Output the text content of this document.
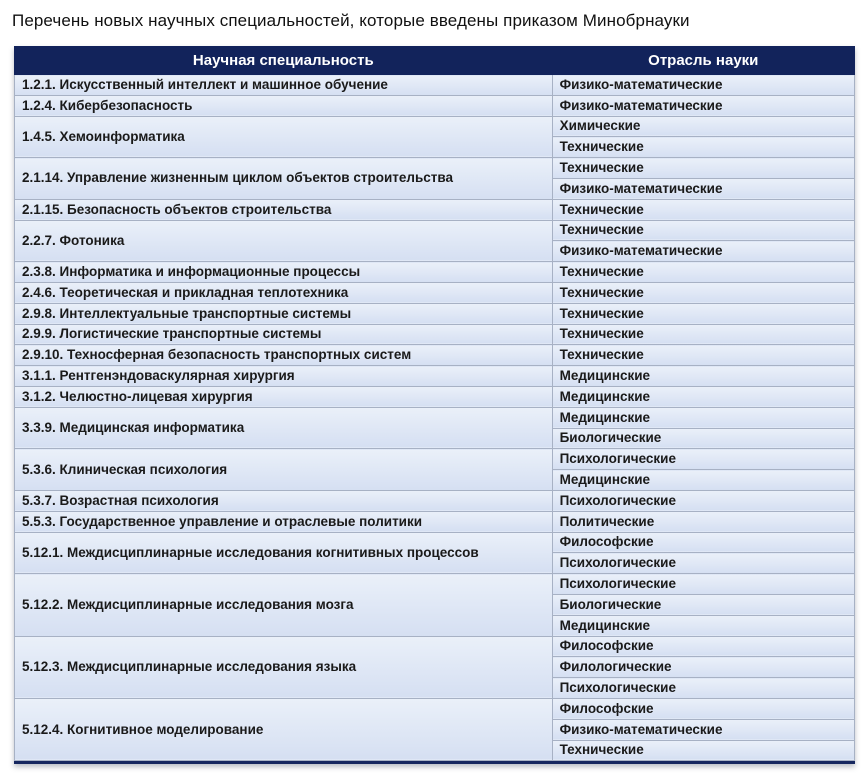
Перечень новых научных специальностей, которые введены приказом Минобрнауки
Научная специальность	Отрасль науки
1.2.1. Искусственный интеллект и машинное обучение	Физико-математические
1.2.4. Кибербезопасность	Физико-математические
1.4.5. Хемоинформатика	Химические
	Технические
2.1.14. Управление жизненным циклом объектов строительства	Технические
	Физико-математические
2.1.15. Безопасность объектов строительства	Технические
2.2.7. Фотоника	Технические
	Физико-математические
2.3.8. Информатика и информационные процессы	Технические
2.4.6. Теоретическая и прикладная теплотехника	Технические
2.9.8. Интеллектуальные транспортные системы	Технические
2.9.9. Логистические транспортные системы	Технические
2.9.10. Техносферная безопасность транспортных систем	Технические
3.1.1. Рентгенэндоваскулярная хирургия	Медицинские
3.1.2. Челюстно-лицевая хирургия	Медицинские
3.3.9. Медицинская информатика	Медицинские
	Биологические
5.3.6. Клиническая психология	Психологические
	Медицинские
5.3.7. Возрастная психология	Психологические
5.5.3. Государственное управление и отраслевые политики	Политические
5.12.1. Междисциплинарные исследования когнитивных процессов	Философские
	Психологические
5.12.2. Междисциплинарные исследования мозга	Психологические
	Биологические
	Медицинские
5.12.3. Междисциплинарные исследования языка	Философские
	Филологические
	Психологические
5.12.4. Когнитивное моделирование	Философские
	Физико-математические
	Технические
